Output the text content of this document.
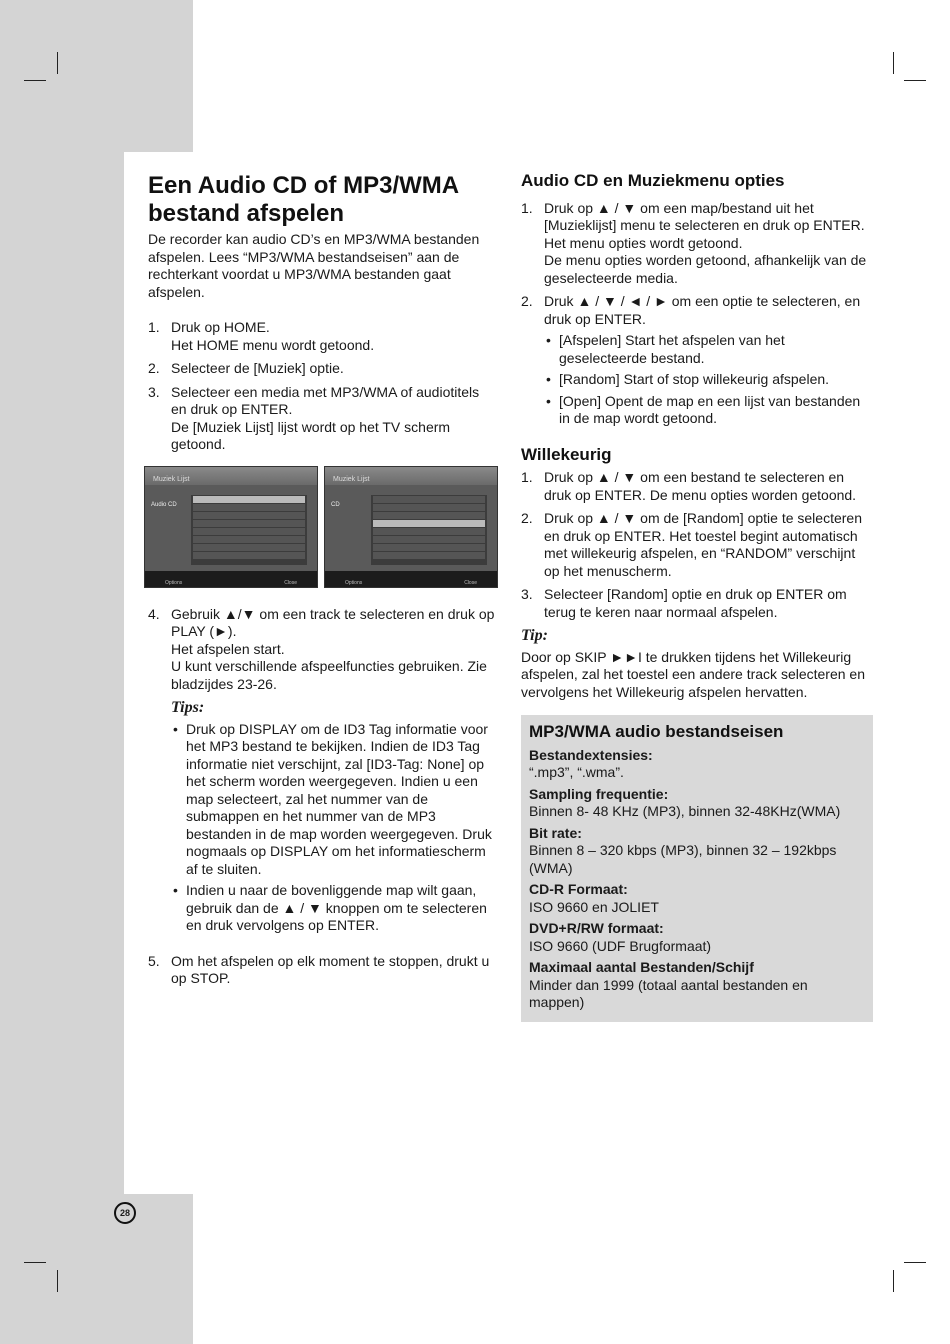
Een Audio CD of MP3/WMA bestand afspelen

De recorder kan audio CD’s en MP3/WMA bestanden afspelen. Lees “MP3/WMA bestandseisen” aan de rechterkant voordat u MP3/WMA bestanden gaat afspelen.

1. Druk op HOME.
Het HOME menu wordt getoond.
2. Selecteer de [Muziek] optie.
3. Selecteer een media met MP3/WMA of audiotitels en druk op ENTER.
De [Muziek Lijst] lijst wordt op het TV scherm getoond.
Muziek Lijst
Audio CD
Options	Close
Muziek Lijst
CD
Options	Close
4. Gebruik ▲/▼ om een track te selecteren en druk op PLAY (►).
Het afspelen start.
U kunt verschillende afspeelfuncties gebruiken. Zie bladzijdes 23-26.
Tips:
• Druk op DISPLAY om de ID3 Tag informatie voor het MP3 bestand te bekijken. Indien de ID3 Tag informatie niet verschijnt, zal [ID3-Tag: None] op het scherm worden weergegeven. Indien u een map selecteert, zal het nummer van de submappen en het nummer van de MP3 bestanden in de map worden weergegeven. Druk nogmaals op DISPLAY om het informatiescherm af te sluiten.
• Indien u naar de bovenliggende map wilt gaan, gebruik dan de ▲ / ▼ knoppen om te selecteren en druk vervolgens op ENTER.
5. Om het afspelen op elk moment te stoppen, drukt u op STOP.
Audio CD en Muziekmenu opties
1. Druk op ▲ / ▼ om een map/bestand uit het [Muzieklijst] menu te selecteren en druk op ENTER.
Het menu opties wordt getoond.
De menu opties worden getoond, afhankelijk van de geselecteerde media.
2. Druk ▲ / ▼ / ◄ / ► om een optie te selecteren, en druk op ENTER.
• [Afspelen] Start het afspelen van het geselecteerde bestand.
• [Random] Start of stop willekeurig afspelen.
• [Open] Opent de map en een lijst van bestanden in de map wordt getoond.
Willekeurig
1. Druk op ▲ / ▼ om een bestand te selecteren en druk op ENTER. De menu opties worden getoond.
2. Druk op ▲ / ▼ om de [Random] optie te selecteren en druk op ENTER. Het toestel begint automatisch met willekeurig afspelen, en “RANDOM” verschijnt op het menuscherm.
3. Selecteer [Random] optie en druk op ENTER om terug te keren naar normaal afspelen.
Tip:

Door op SKIP ►►I te drukken tijdens het Willekeurig afspelen, zal het toestel een andere track selecteren en vervolgens het Willekeurig afspelen hervatten.

MP3/WMA audio bestandseisen
Bestandextensies:
“.mp3”, “.wma”.
Sampling frequentie:
Binnen 8- 48 KHz (MP3), binnen 32-48KHz(WMA)
Bit rate:
Binnen 8 – 320 kbps (MP3), binnen 32 – 192kbps (WMA)
CD-R Formaat:
ISO 9660 en JOLIET
DVD+R/RW formaat:
ISO 9660 (UDF Brugformaat)
Maximaal aantal Bestanden/Schijf
Minder dan 1999 (totaal aantal bestanden en mappen)
28
